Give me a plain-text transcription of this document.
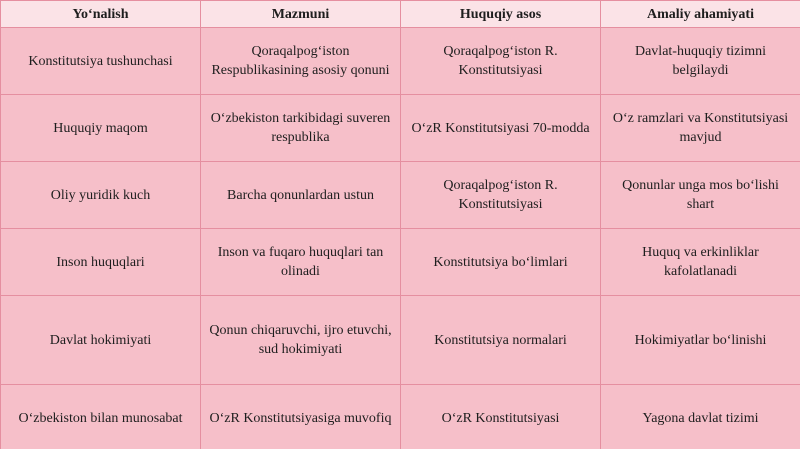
Yo‘nalish	Mazmuni	Huquqiy asos	Amaliy ahamiyati
Konstitutsiya tushunchasi	Qoraqalpog‘iston Respublikasining asosiy qonuni	Qoraqalpog‘iston R. Konstitutsiyasi	Davlat-huquqiy tizimni belgilaydi
Huquqiy maqom	O‘zbekiston tarkibidagi suveren respublika	O‘zR Konstitutsiyasi 70-modda	O‘z ramzlari va Konstitutsiyasi mavjud
Oliy yuridik kuch	Barcha qonunlardan ustun	Qoraqalpog‘iston R. Konstitutsiyasi	Qonunlar unga mos bo‘lishi shart
Inson huquqlari	Inson va fuqaro huquqlari tan olinadi	Konstitutsiya bo‘limlari	Huquq va erkinliklar kafolatlanadi
Davlat hokimiyati	Qonun chiqaruvchi, ijro etuvchi, sud hokimiyati	Konstitutsiya normalari	Hokimiyatlar bo‘linishi
O‘zbekiston bilan munosabat	O‘zR Konstitutsiyasiga muvofiq	O‘zR Konstitutsiyasi	Yagona davlat tizimi
